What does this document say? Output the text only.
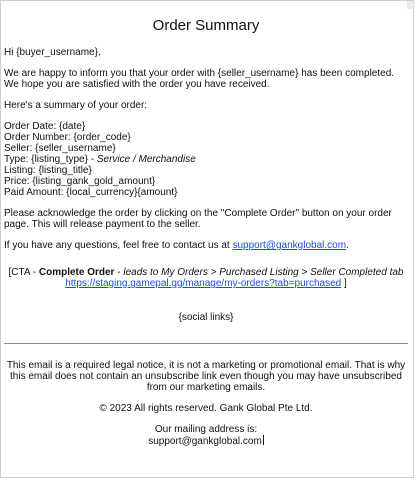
Order Summary

Hi {buyer_username},

We are happy to inform you that your order with {seller_username} has been completed. We hope you are satisfied with the order you have received.

Here's a summary of your order:

Order Date: {date}

Order Number: {order_code}

Seller: {seller_username}

Type: {listing_type} - Service / Merchandise

Listing: {listing_title}

Price: {listing_gank_gold_amount}

Paid Amount: {local_currency}{amount}

Please acknowledge the order by clicking on the "Complete Order" button on your order page. This will release payment to the seller.

If you have any questions, feel free to contact us at support@gankglobal.com.

[CTA - Complete Order - leads to My Orders > Purchased Listing > Seller Completed tab

https://staging.gamepal.gg/manage/my-orders?tab=purchased ]

{social links}

This email is a required legal notice, it is not a marketing or promotional email. That is why this email does not contain an unsubscribe link even though you may have unsubscribed from our marketing emails.

© 2023 All rights reserved. Gank Global Pte Ltd.

Our mailing address is:

support@gankglobal.com
